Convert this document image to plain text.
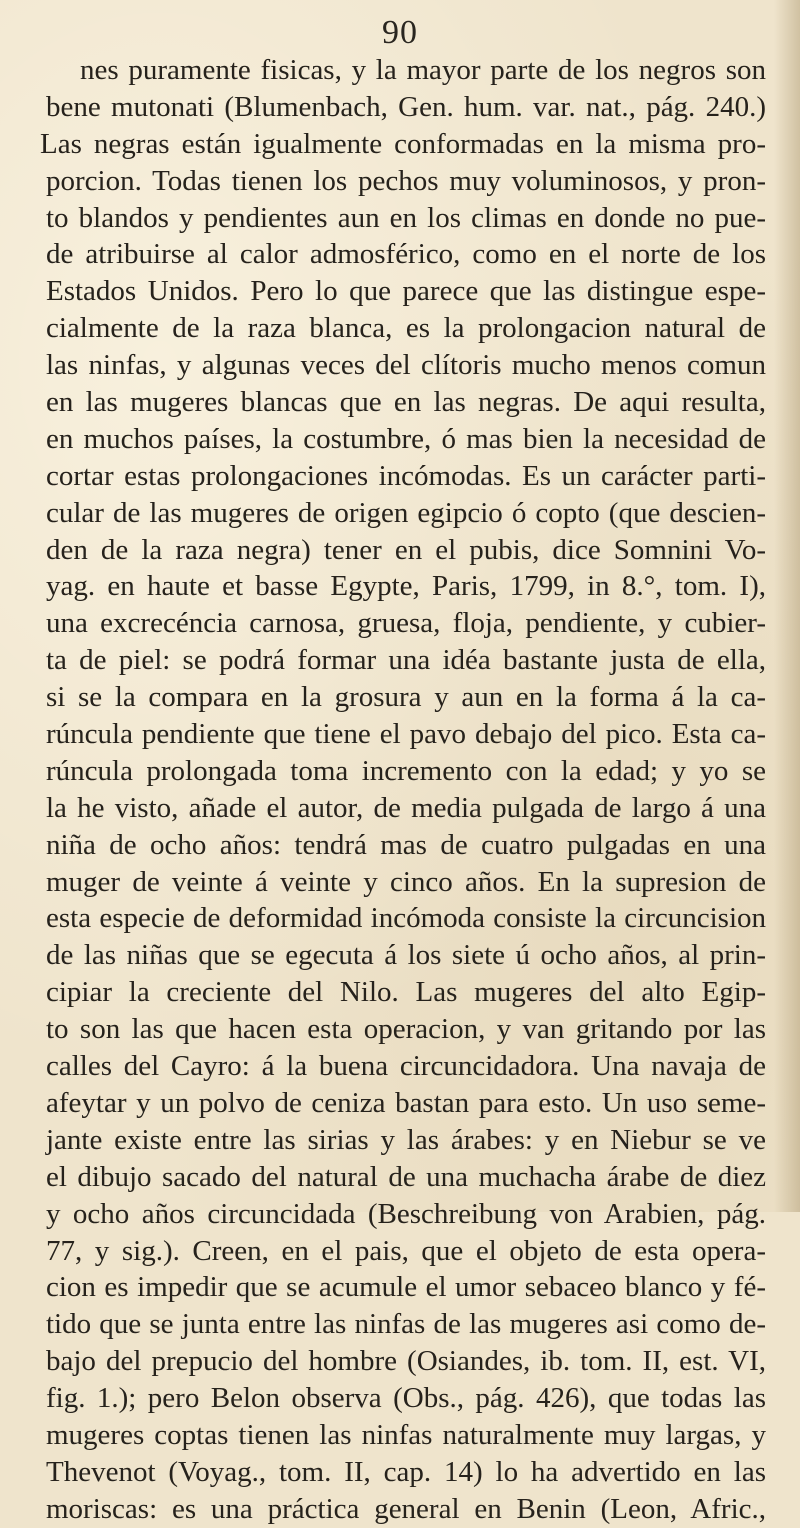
90
nes puramente fisicas, y la mayor parte de los negros son
bene mutonati (Blumenbach, Gen. hum. var. nat., pág. 240.)
Las negras están igualmente conformadas en la misma pro-
porcion. Todas tienen los pechos muy voluminosos, y pron-
to blandos y pendientes aun en los climas en donde no pue-
de atribuirse al calor admosférico, como en el norte de los
Estados Unidos. Pero lo que parece que las distingue espe-
cialmente de la raza blanca, es la prolongacion natural de
las ninfas, y algunas veces del clítoris mucho menos comun
en las mugeres blancas que en las negras. De aqui resulta,
en muchos países, la costumbre, ó mas bien la necesidad de
cortar estas prolongaciones incómodas. Es un carácter parti-
cular de las mugeres de origen egipcio ó copto (que descien-
den de la raza negra) tener en el pubis, dice Somnini Vo-
yag. en haute et basse Egypte, Paris, 1799, in 8.°, tom. I),
una excrecéncia carnosa, gruesa, floja, pendiente, y cubier-
ta de piel: se podrá formar una idéa bastante justa de ella,
si se la compara en la grosura y aun en la forma á la ca-
rúncula pendiente que tiene el pavo debajo del pico. Esta ca-
rúncula prolongada toma incremento con la edad; y yo se
la he visto, añade el autor, de media pulgada de largo á una
niña de ocho años: tendrá mas de cuatro pulgadas en una
muger de veinte á veinte y cinco años. En la supresion de
esta especie de deformidad incómoda consiste la circuncision
de las niñas que se egecuta á los siete ú ocho años, al prin-
cipiar la creciente del Nilo. Las mugeres del alto Egip-
to son las que hacen esta operacion, y van gritando por las
calles del Cayro: á la buena circuncidadora. Una navaja de
afeytar y un polvo de ceniza bastan para esto. Un uso seme-
jante existe entre las sirias y las árabes: y en Niebur se ve
el dibujo sacado del natural de una muchacha árabe de diez
y ocho años circuncidada (Beschreibung von Arabien, pág.
77, y sig.). Creen, en el pais, que el objeto de esta opera-
cion es impedir que se acumule el umor sebaceo blanco y fé-
tido que se junta entre las ninfas de las mugeres asi como de-
bajo del prepucio del hombre (Osiandes, ib. tom. II, est. VI,
fig. 1.); pero Belon observa (Obs., pág. 426), que todas las
mugeres coptas tienen las ninfas naturalmente muy largas, y
Thevenot (Voyag., tom. II, cap. 14) lo ha advertido en las
moriscas: es una práctica general en Benin (Leon, Afric.,
